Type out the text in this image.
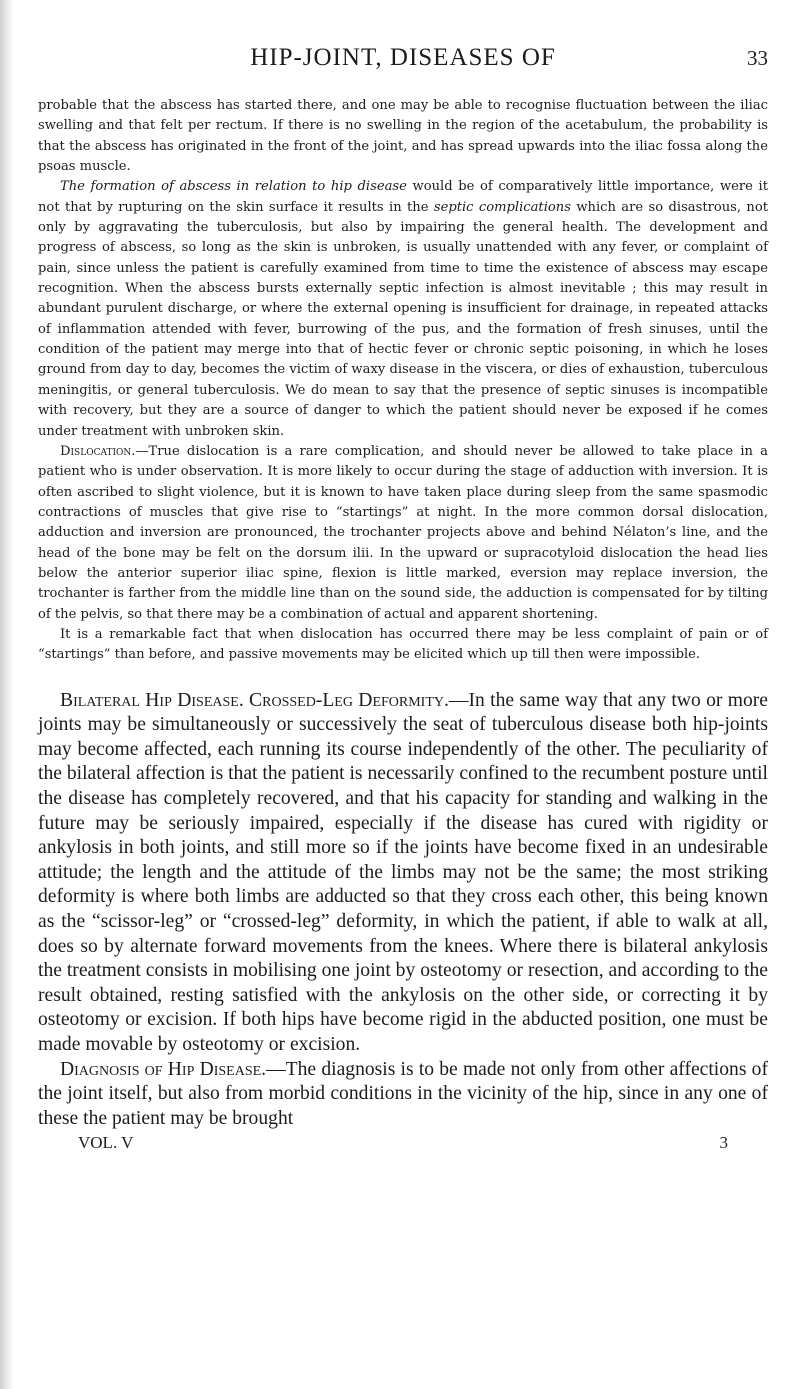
HIP-JOINT, DISEASES OF	33

probable that the abscess has started there, and one may be able to recognise fluctuation between the iliac swelling and that felt per rectum. If there is no swelling in the region of the acetabulum, the probability is that the abscess has originated in the front of the joint, and has spread upwards into the iliac fossa along the psoas muscle.

The formation of abscess in relation to hip disease would be of comparatively little importance, were it not that by rupturing on the skin surface it results in the septic complications which are so disastrous, not only by aggravating the tuberculosis, but also by impairing the general health. The development and progress of abscess, so long as the skin is unbroken, is usually unattended with any fever, or complaint of pain, since unless the patient is carefully examined from time to time the existence of abscess may escape recognition. When the abscess bursts externally septic infection is almost inevitable ; this may result in abundant purulent discharge, or where the external opening is insufficient for drainage, in repeated attacks of inflammation attended with fever, burrowing of the pus, and the formation of fresh sinuses, until the condition of the patient may merge into that of hectic fever or chronic septic poisoning, in which he loses ground from day to day, becomes the victim of waxy disease in the viscera, or dies of exhaustion, tuberculous meningitis, or general tuberculosis. We do mean to say that the presence of septic sinuses is incompatible with recovery, but they are a source of danger to which the patient should never be exposed if he comes under treatment with unbroken skin.

Dislocation.—True dislocation is a rare complication, and should never be allowed to take place in a patient who is under observation. It is more likely to occur during the stage of adduction with inversion. It is often ascribed to slight violence, but it is known to have taken place during sleep from the same spasmodic contractions of muscles that give rise to “startings” at night. In the more common dorsal dislocation, adduction and inversion are pronounced, the trochanter projects above and behind Nélaton’s line, and the head of the bone may be felt on the dorsum ilii. In the upward or supracotyloid dislocation the head lies below the anterior superior iliac spine, flexion is little marked, eversion may replace inversion, the trochanter is farther from the middle line than on the sound side, the adduction is compensated for by tilting of the pelvis, so that there may be a combination of actual and apparent shortening.

It is a remarkable fact that when dislocation has occurred there may be less complaint of pain or of “startings” than before, and passive movements may be elicited which up till then were impossible.

Bilateral Hip Disease. Crossed-Leg Deformity.—In the same way that any two or more joints may be simultaneously or successively the seat of tuberculous disease both hip-joints may become affected, each running its course independently of the other. The peculiarity of the bilateral affection is that the patient is necessarily confined to the recumbent posture until the disease has completely recovered, and that his capacity for standing and walking in the future may be seriously impaired, especially if the disease has cured with rigidity or ankylosis in both joints, and still more so if the joints have become fixed in an undesirable attitude; the length and the attitude of the limbs may not be the same; the most striking deformity is where both limbs are adducted so that they cross each other, this being known as the “scissor-leg” or “crossed-leg” deformity, in which the patient, if able to walk at all, does so by alternate forward movements from the knees. Where there is bilateral ankylosis the treatment consists in mobilising one joint by osteotomy or resection, and according to the result obtained, resting satisfied with the ankylosis on the other side, or correcting it by osteotomy or excision. If both hips have become rigid in the abducted position, one must be made movable by osteotomy or excision.

Diagnosis of Hip Disease.—The diagnosis is to be made not only from other affections of the joint itself, but also from morbid conditions in the vicinity of the hip, since in any one of these the patient may be brought

VOL. V	3
